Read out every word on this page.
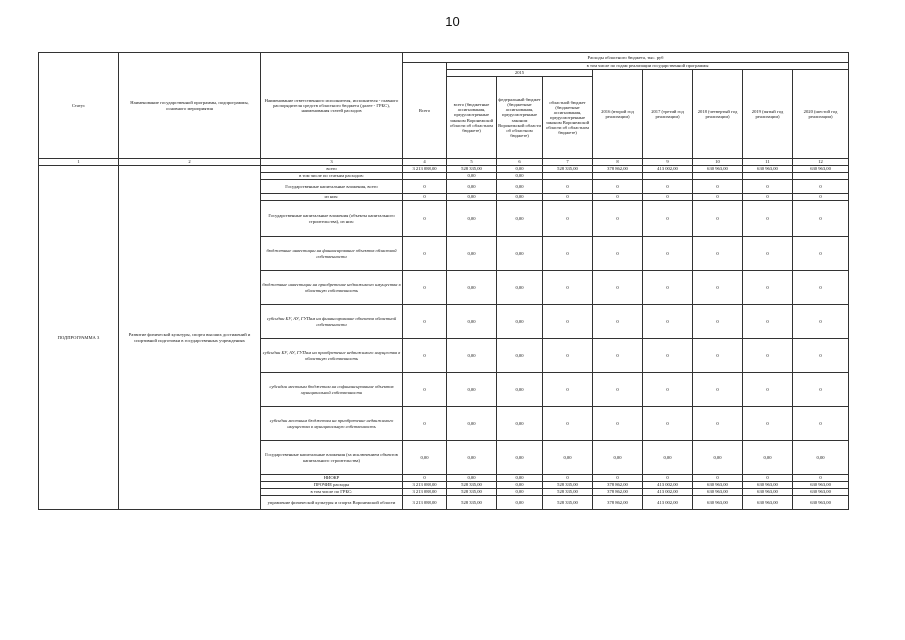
10
Статус	Наименование государственной программы, подпрограммы, основного мероприятия	Наименование ответственного исполнителя, исполнителя - главного распорядителя средств областного бюджета (далее - ГРБС), наименования статей расходов	Расходы областного бюджета, тыс. руб								
			Всего	в том числе по годам реализации государственной программы							
				2015			2016 (второй год реализации)	2017 (третий год реализации)	2018 (четвертый год реализации)	2019 (пятый год реализации)	2020 (шестой год реализации)
				всего (бюджетные ассигнования, предусмотренные законом Воронежской области об областном бюджете)	федеральный бюджет (бюджетные ассигнования, предусмотренные законом Воронежской области об областном бюджете)	областной бюджет (бюджетные ассигнования, предусмотренные законом Воронежской области об областном бюджете)					
1	2	3	4	5	6	7	8	9	10	11	12
ПОДПРОГРАММА 3	Развитие физической культуры, спорта высших достижений и спортивной подготовки в государственных учреждениях	всего	3 213 088,00	528 335,00	0,00	528 335,00	378 862,00	413 002,00	630 963,00	630 963,00	630 963,00
		в том числе по статьям расходов:		0,00	0,00						
		Государственные капитальные вложения, всего	0	0,00	0,00	0	0	0	0	0	0
		из них:	0	0,00	0,00	0	0	0	0	0	0
		Государственные капитальные вложения (объекты капитального строительства), из них:	0	0,00	0,00	0	0	0	0	0	0
		бюджетные инвестиции на финансирование объектов областной собственности	0	0,00	0,00	0	0	0	0	0	0
		бюджетные инвестиции на приобретение недвижимого имущества в областную собственность	0	0,00	0,00	0	0	0	0	0	0
		субсидии БУ, АУ, ГУПам на финансирование объектов областной собственности	0	0,00	0,00	0	0	0	0	0	0
		субсидии БУ, АУ, ГУПам на приобретение недвижимого имущества в областную собственность	0	0,00	0,00	0	0	0	0	0	0
		субсидии местным бюджетам на софинансирование объектов муниципальной собственности	0	0,00	0,00	0	0	0	0	0	0
		субсидии местным бюджетам на приобретение недвижимого имущества в муниципальную собственность	0	0,00	0,00	0	0	0	0	0	0
		Государственные капитальные вложения (за исключением объектов капитального строительства)	0,00	0,00	0,00	0,00	0,00	0,00	0,00	0,00	0,00
		НИОКР	0	0,00	0,00	0	0	0	0	0	0
		ПРОЧИЕ расходы	3 213 088,00	528 335,00	0,00	528 335,00	378 862,00	413 002,00	630 963,00	630 963,00	630 963,00
		в том числе по ГРБС:	3 213 088,00	528 335,00	0,00	528 335,00	378 862,00	413 002,00	630 963,00	630 963,00	630 963,00
		управление физической культуры и спорта Воронежской области	3 213 088,00	528 335,00	0,00	528 335,00	378 862,00	413 002,00	630 963,00	630 963,00	630 963,00
